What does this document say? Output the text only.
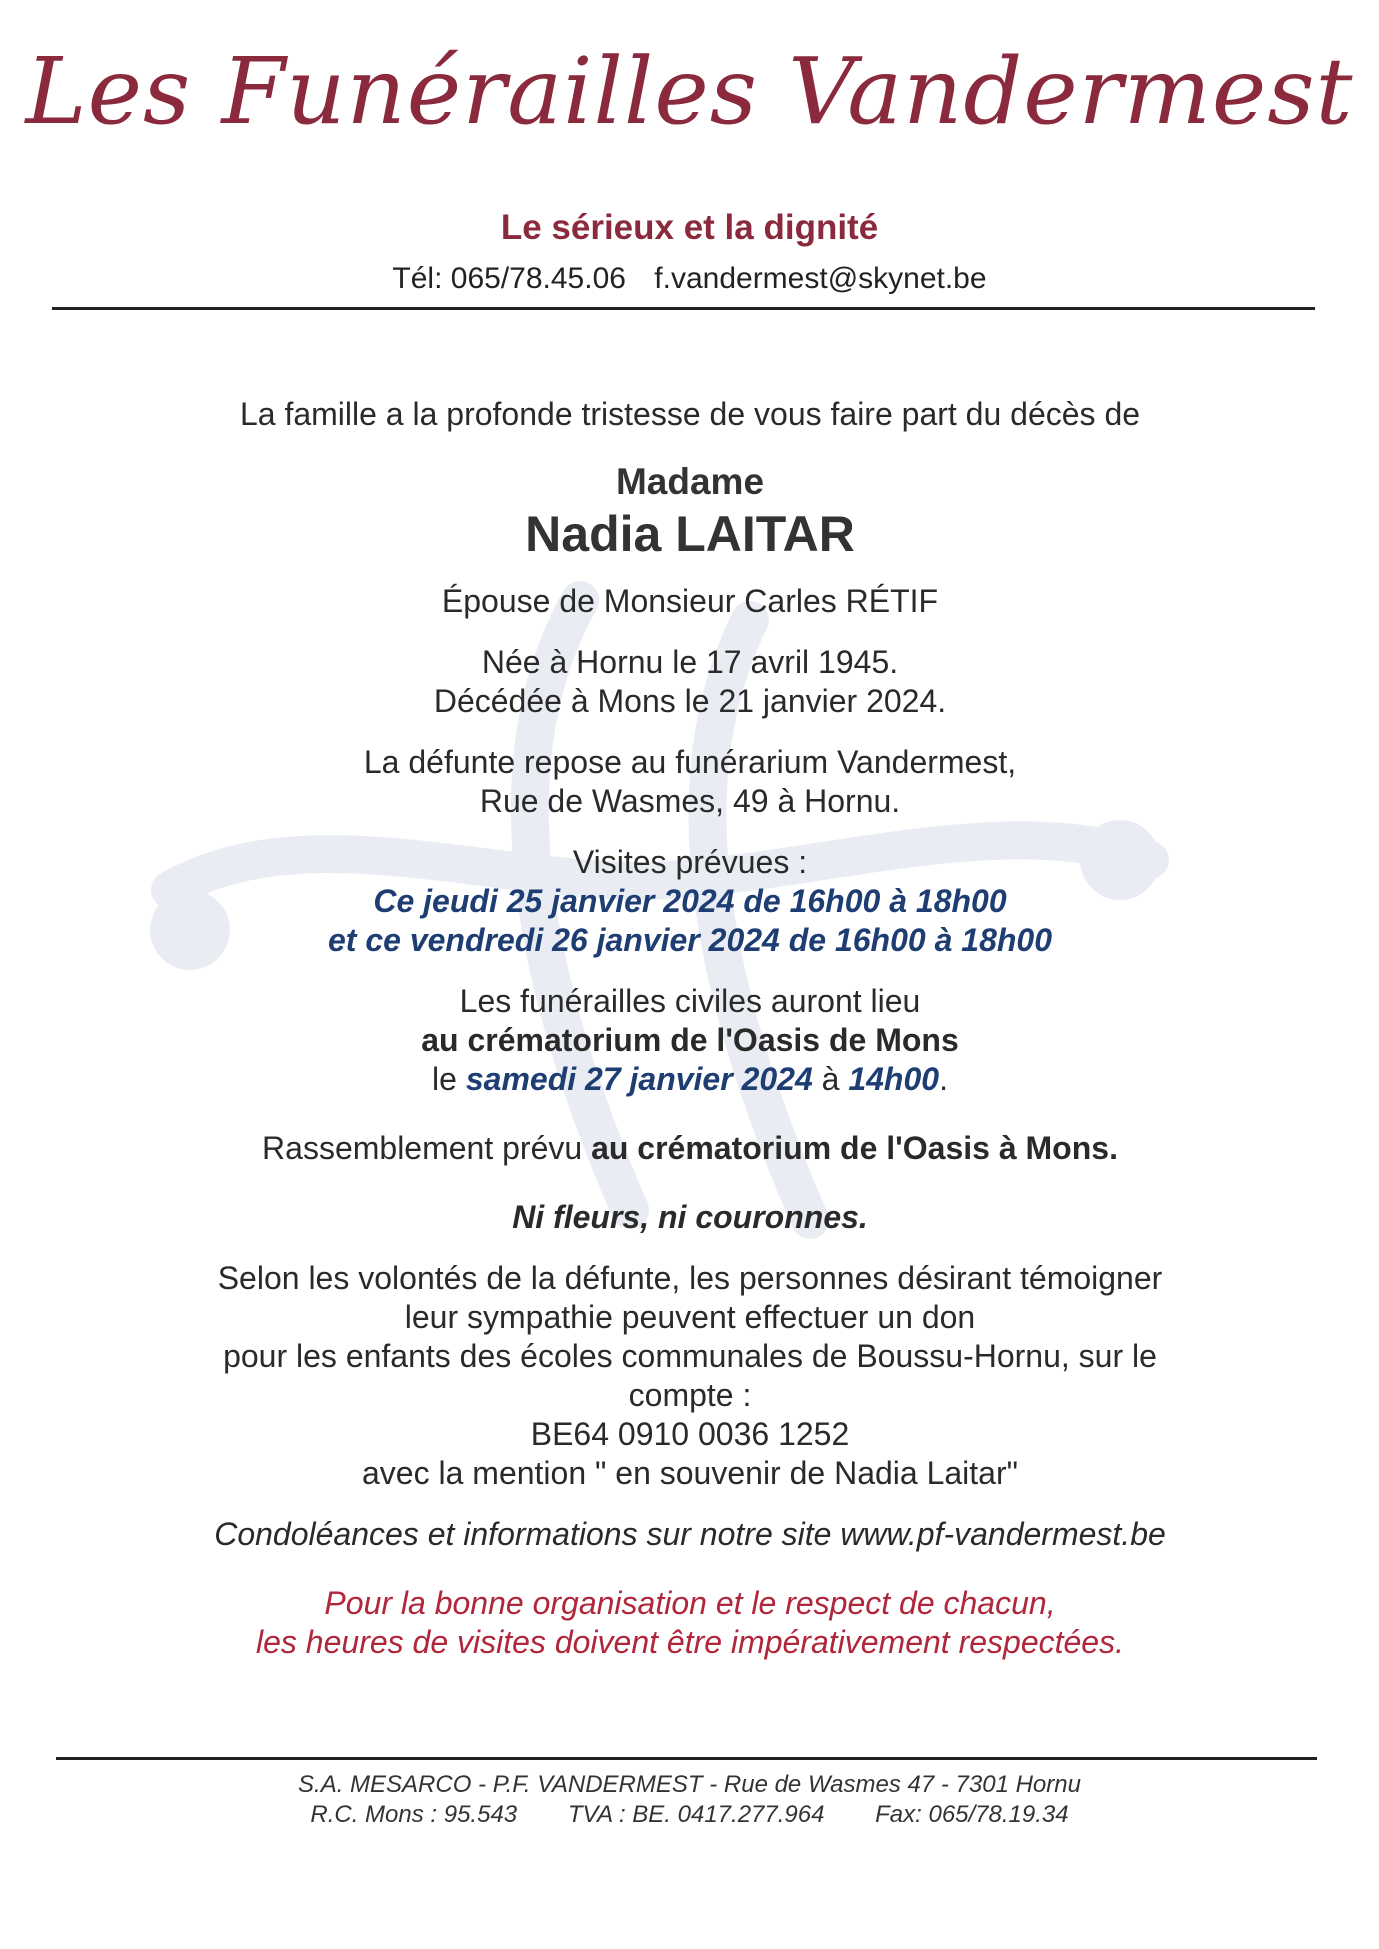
Les Funérailles Vandermest
Le sérieux et la dignité
Tél: 065/78.45.06 f.vandermest@skynet.be

La famille a la profonde tristesse de vous faire part du décès de

Madame

Nadia LAITAR

Épouse de Monsieur Carles RÉTIF

Née à Hornu le 17 avril 1945.

Décédée à Mons le 21 janvier 2024.

La défunte repose au funérarium Vandermest,

Rue de Wasmes, 49 à Hornu.

Visites prévues :

Ce jeudi 25 janvier 2024 de 16h00 à 18h00

et ce vendredi 26 janvier 2024 de 16h00 à 18h00

Les funérailles civiles auront lieu

au crématorium de l'Oasis de Mons

le samedi 27 janvier 2024 à 14h00.

Rassemblement prévu au crématorium de l'Oasis à Mons.

Ni fleurs, ni couronnes.

Selon les volontés de la défunte, les personnes désirant témoigner

leur sympathie peuvent effectuer un don

pour les enfants des écoles communales de Boussu-Hornu, sur le

compte :

BE64 0910 0036 1252

avec la mention " en souvenir de Nadia Laitar"

Condoléances et informations sur notre site www.pf-vandermest.be

Pour la bonne organisation et le respect de chacun,

les heures de visites doivent être impérativement respectées.

S.A. MESARCO - P.F. VANDERMEST - Rue de Wasmes 47 - 7301 Hornu
R.C. Mons : 95.543 TVA : BE. 0417.277.964 Fax: 065/78.19.34
